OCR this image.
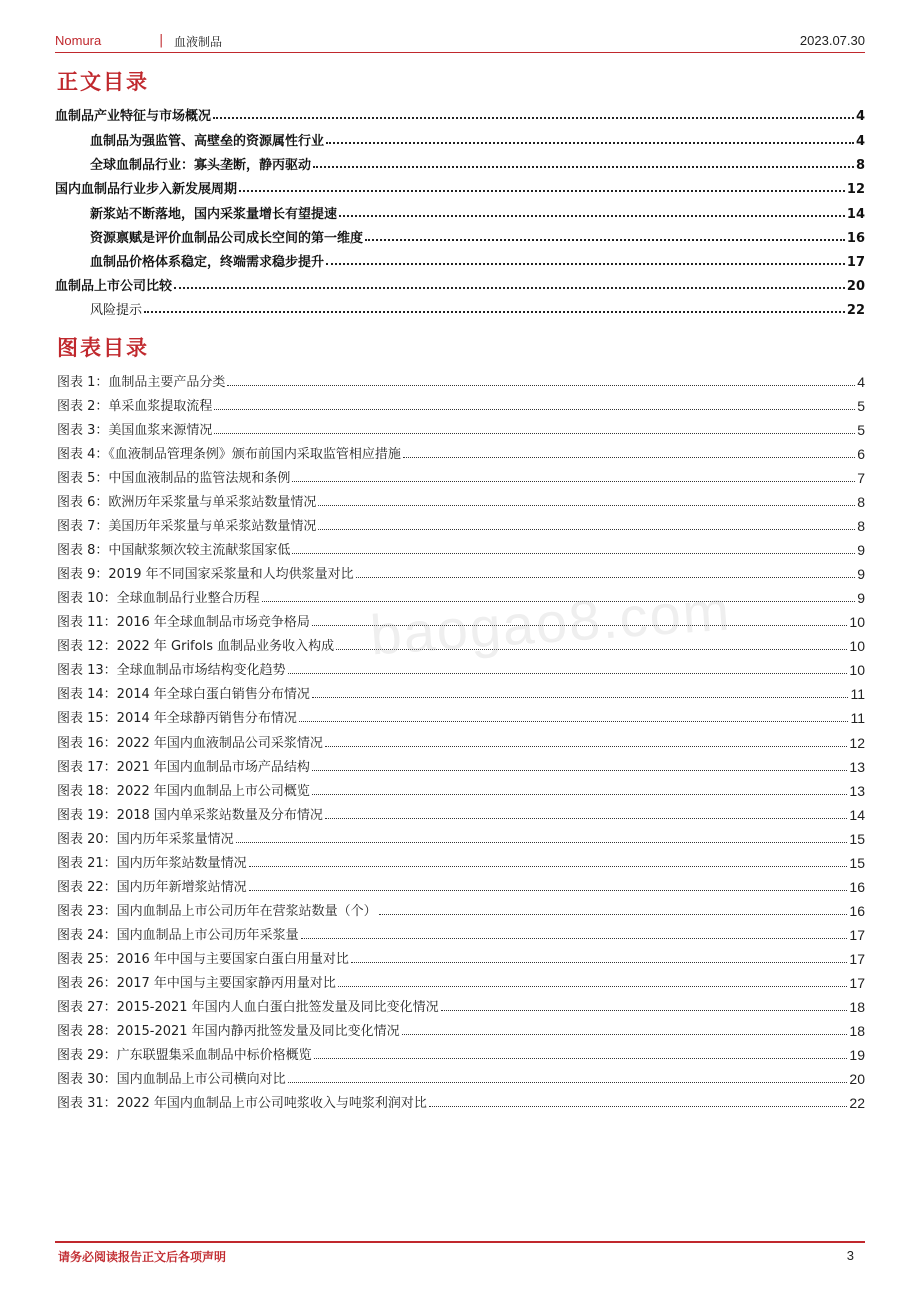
Nomura	| 血液制品	2023.07.30
正文目录
血制品产业特征与市场概况	4
血制品为强监管、高壁垒的资源属性行业	4
全球血制品行业：寡头垄断，静丙驱动	8
国内血制品行业步入新发展周期	12
新浆站不断落地，国内采浆量增长有望提速	14
资源禀赋是评价血制品公司成长空间的第一维度	16
血制品价格体系稳定，终端需求稳步提升	17
血制品上市公司比较	20
风险提示	22
图表目录
图表 1：血制品主要产品分类	4
图表 2：单采血浆提取流程	5
图表 3：美国血浆来源情况	5
图表 4：《血液制品管理条例》颁布前国内采取监管相应措施	6
图表 5：中国血液制品的监管法规和条例	7
图表 6：欧洲历年采浆量与单采浆站数量情况	8
图表 7：美国历年采浆量与单采浆站数量情况	8
图表 8：中国献浆频次较主流献浆国家低	9
图表 9：2019 年不同国家采浆量和人均供浆量对比	9
图表 10：全球血制品行业整合历程	9
图表 11：2016 年全球血制品市场竞争格局	10
图表 12：2022 年 Grifols 血制品业务收入构成	10
图表 13：全球血制品市场结构变化趋势	10
图表 14：2014 年全球白蛋白销售分布情况	11
图表 15：2014 年全球静丙销售分布情况	11
图表 16：2022 年国内血液制品公司采浆情况	12
图表 17：2021 年国内血制品市场产品结构	13
图表 18：2022 年国内血制品上市公司概览	13
图表 19：2018 国内单采浆站数量及分布情况	14
图表 20：国内历年采浆量情况	15
图表 21：国内历年浆站数量情况	15
图表 22：国内历年新增浆站情况	16
图表 23：国内血制品上市公司历年在营浆站数量（个）	16
图表 24：国内血制品上市公司历年采浆量	17
图表 25：2016 年中国与主要国家白蛋白用量对比	17
图表 26：2017 年中国与主要国家静丙用量对比	17
图表 27：2015-2021 年国内人血白蛋白批签发量及同比变化情况	18
图表 28：2015-2021 年国内静丙批签发量及同比变化情况	18
图表 29：广东联盟集采血制品中标价格概览	19
图表 30：国内血制品上市公司横向对比	20
图表 31：2022 年国内血制品上市公司吨浆收入与吨浆利润对比	22
baogao8.com
请务必阅读报告正文后各项声明	3
